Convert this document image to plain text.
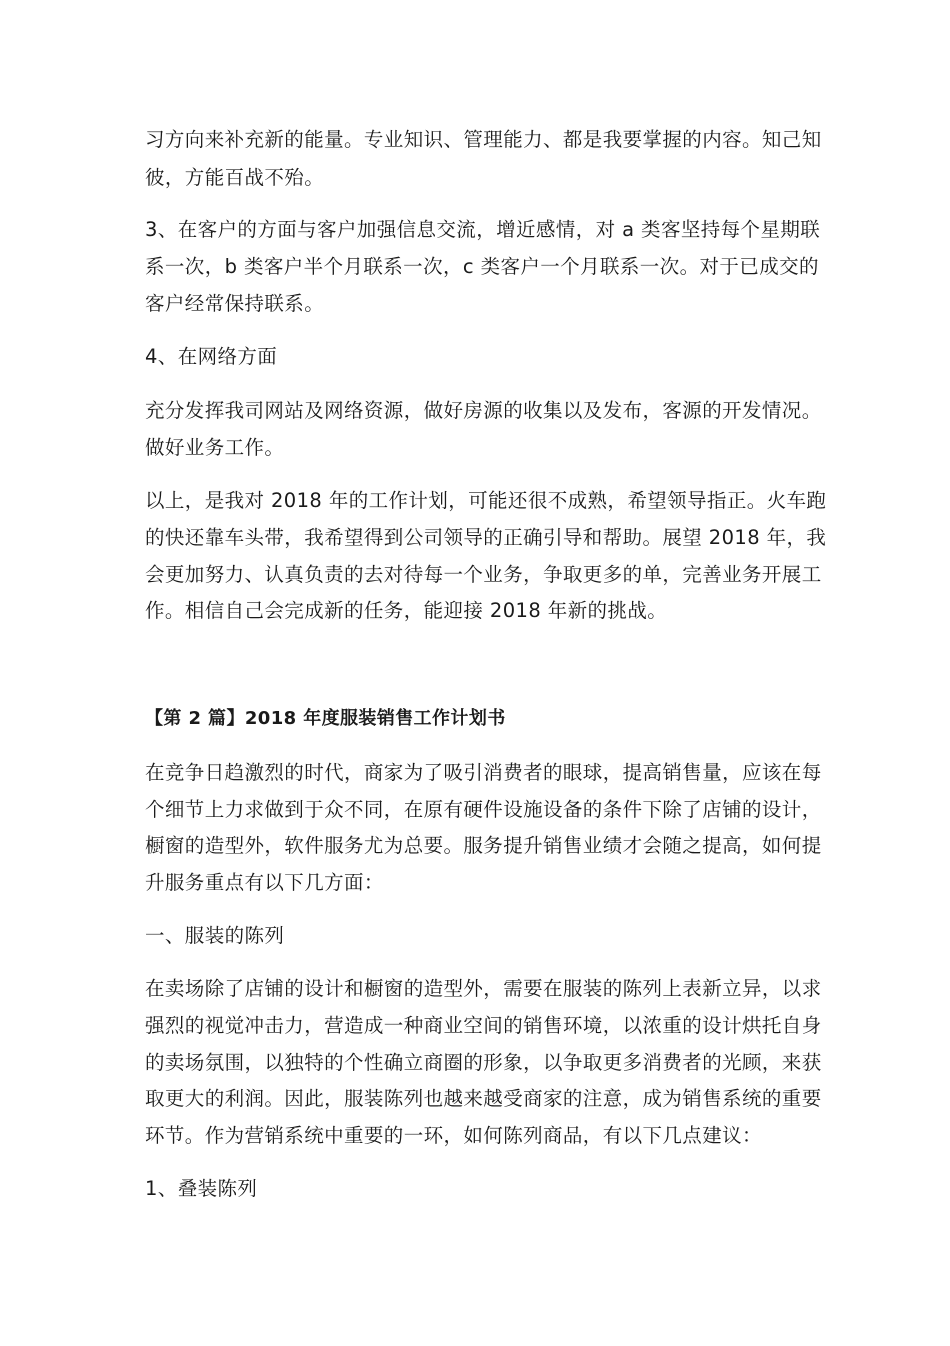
习方向来补充新的能量。专业知识、管理能力、都是我要掌握的内容。知己知
彼，方能百战不殆。
3、在客户的方面与客户加强信息交流，增近感情，对 a 类客坚持每个星期联
系一次，b 类客户半个月联系一次，c 类客户一个月联系一次。对于已成交的
客户经常保持联系。
4、在网络方面
充分发挥我司网站及网络资源，做好房源的收集以及发布，客源的开发情况。
做好业务工作。
以上，是我对 2018 年的工作计划，可能还很不成熟，希望领导指正。火车跑
的快还靠车头带，我希望得到公司领导的正确引导和帮助。展望 2018 年，我
会更加努力、认真负责的去对待每一个业务，争取更多的单，完善业务开展工
作。相信自己会完成新的任务，能迎接 2018 年新的挑战。
【第 2 篇】2018 年度服装销售工作计划书
在竞争日趋激烈的时代，商家为了吸引消费者的眼球，提高销售量，应该在每
个细节上力求做到于众不同，在原有硬件设施设备的条件下除了店铺的设计，
橱窗的造型外，软件服务尤为总要。服务提升销售业绩才会随之提高，如何提
升服务重点有以下几方面：
一、服装的陈列
在卖场除了店铺的设计和橱窗的造型外，需要在服装的陈列上表新立异，以求
强烈的视觉冲击力，营造成一种商业空间的销售环境，以浓重的设计烘托自身
的卖场氛围，以独特的个性确立商圈的形象，以争取更多消费者的光顾，来获
取更大的利润。因此，服装陈列也越来越受商家的注意，成为销售系统的重要
环节。作为营销系统中重要的一环，如何陈列商品，有以下几点建议：
1、叠装陈列
